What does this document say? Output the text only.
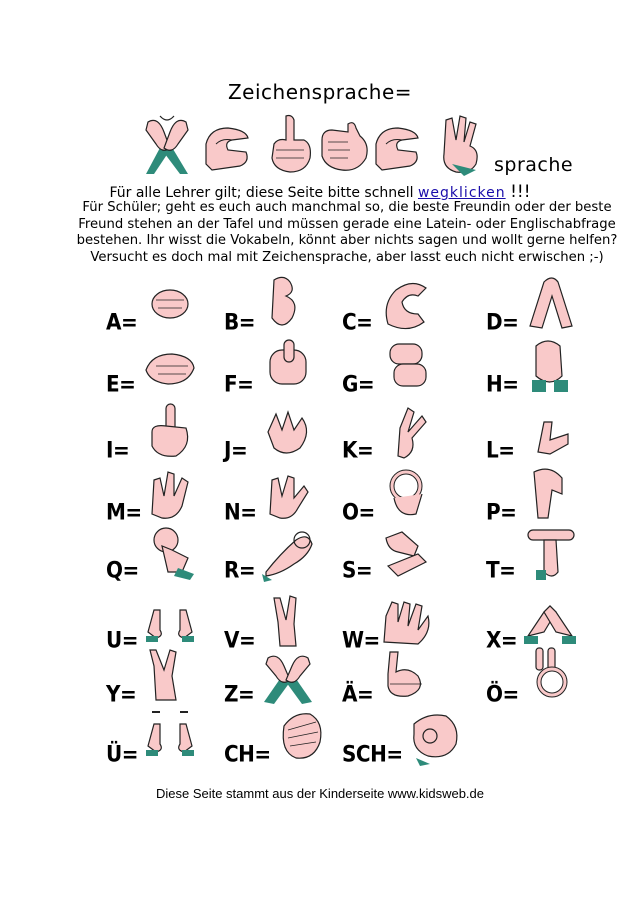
Zeichensprache=
sprache
Für alle Lehrer gilt; diese Seite bitte schnell wegklicken !!!
Für Schüler; geht es euch auch manchmal so, die beste Freundin oder der beste Freund stehen an der Tafel und müssen gerade eine Latein- oder Englischabfrage bestehen. Ihr wisst die Vokabeln, könnt aber nichts sagen und wollt gerne helfen? Versucht es doch mal mit Zeichensprache, aber lasst euch nicht erwischen ;-)
A=	B=	C=	D=
E=	F=	G=	H=
I=	J=	K=	L=
M=	N=	O=	P=
Q=	R=	S=	T=
U=	V=	W=	X=
Y=	Z=	Ä=	Ö=
Ü=	CH=	SCH=
Diese Seite stammt aus der Kinderseite www.kidsweb.de
